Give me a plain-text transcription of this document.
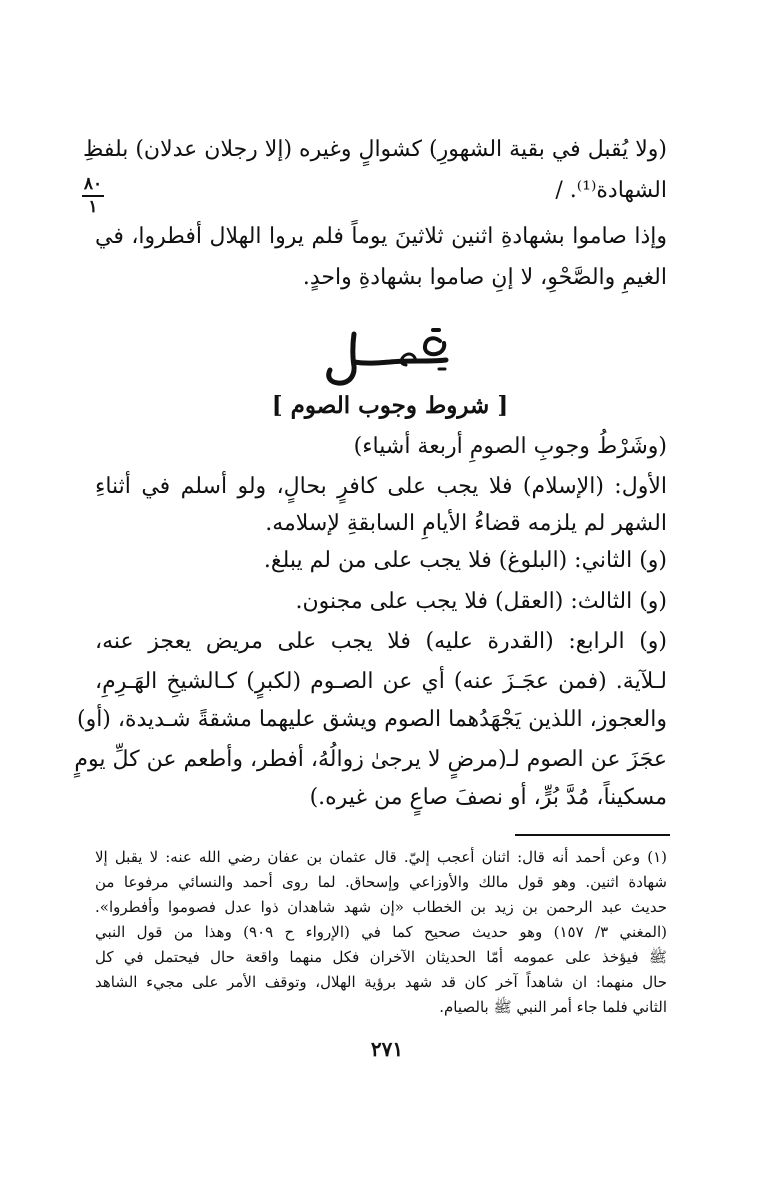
(ولا يُقبل في بقية الشهورِ) كشوالٍ وغيره (إلا رجلان عدلان) بلفظِ
الشهادة⁽¹⁾. /
وإذا صاموا بشهادةِ اثنين ثلاثينَ يوماً فلم يروا الهلال أفطروا، في
الغيمِ والصَّحْوِ، لا إنِ صاموا بشهادةِ واحدٍ.
٨٠
١
فصل
[ شروط وجوب الصوم ]
(وشَرْطُ وجوبِ الصومِ أربعة أشياء)
الأول: (الإسلام) فلا يجب على كافرٍ بحالٍ، ولو أسلم في أثناءِ
الشهر لم يلزمه قضاءُ الأيامِ السابقةِ لإسلامه.
(و) الثاني: (البلوغ) فلا يجب على من لم يبلغ.
(و) الثالث: (العقل) فلا يجب على مجنون.
(و) الرابع: (القدرة عليه) فلا يجب على مريض يعجز عنه،
لـلآية. (فمن عجَـزَ عنه) أي عن الصـوم (لكبرٍ) كـالشيخِ الهَـرِمِ،
والعجوز، اللذين يَجْهَدُهما الصوم ويشق عليهما مشقةً شـديدة، (أو)
عجَزَ عن الصوم لـ(مرضٍ لا يرجىٰ زوالُهُ، أفطر، وأطعم عن كلِّ يومٍ
مسكيناً، مُدَّ بُرٍّ، أو نصفَ صاعٍ من غيره.)
(١) وعن أحمد أنه قال: اثنان أعجب إليّ. قال عثمان بن عفان رضي الله عنه: لا يقبل إلا
شهادة اثنين. وهو قول مالك والأوزاعي وإسحاق. لما روى أحمد والنسائي مرفوعا من
حديث عبد الرحمن بن زيد بن الخطاب «إن شهد شاهدان ذوا عدل فصوموا وأفطروا».
(المغني ٣/ ١٥٧) وهو حديث صحيح كما في (الإرواء ح ٩٠٩) وهذا من قول النبي
ﷺ فيؤخذ على عمومه أمّا الحديثان الآخران فكل منهما واقعة حال فيحتمل في كل
حال منهما: ان شاهداً آخر كان قد شهد برؤية الهلال، وتوقف الأمر على مجيء الشاهد
الثاني فلما جاء أمر النبي ﷺ بالصيام.
٢٧١
